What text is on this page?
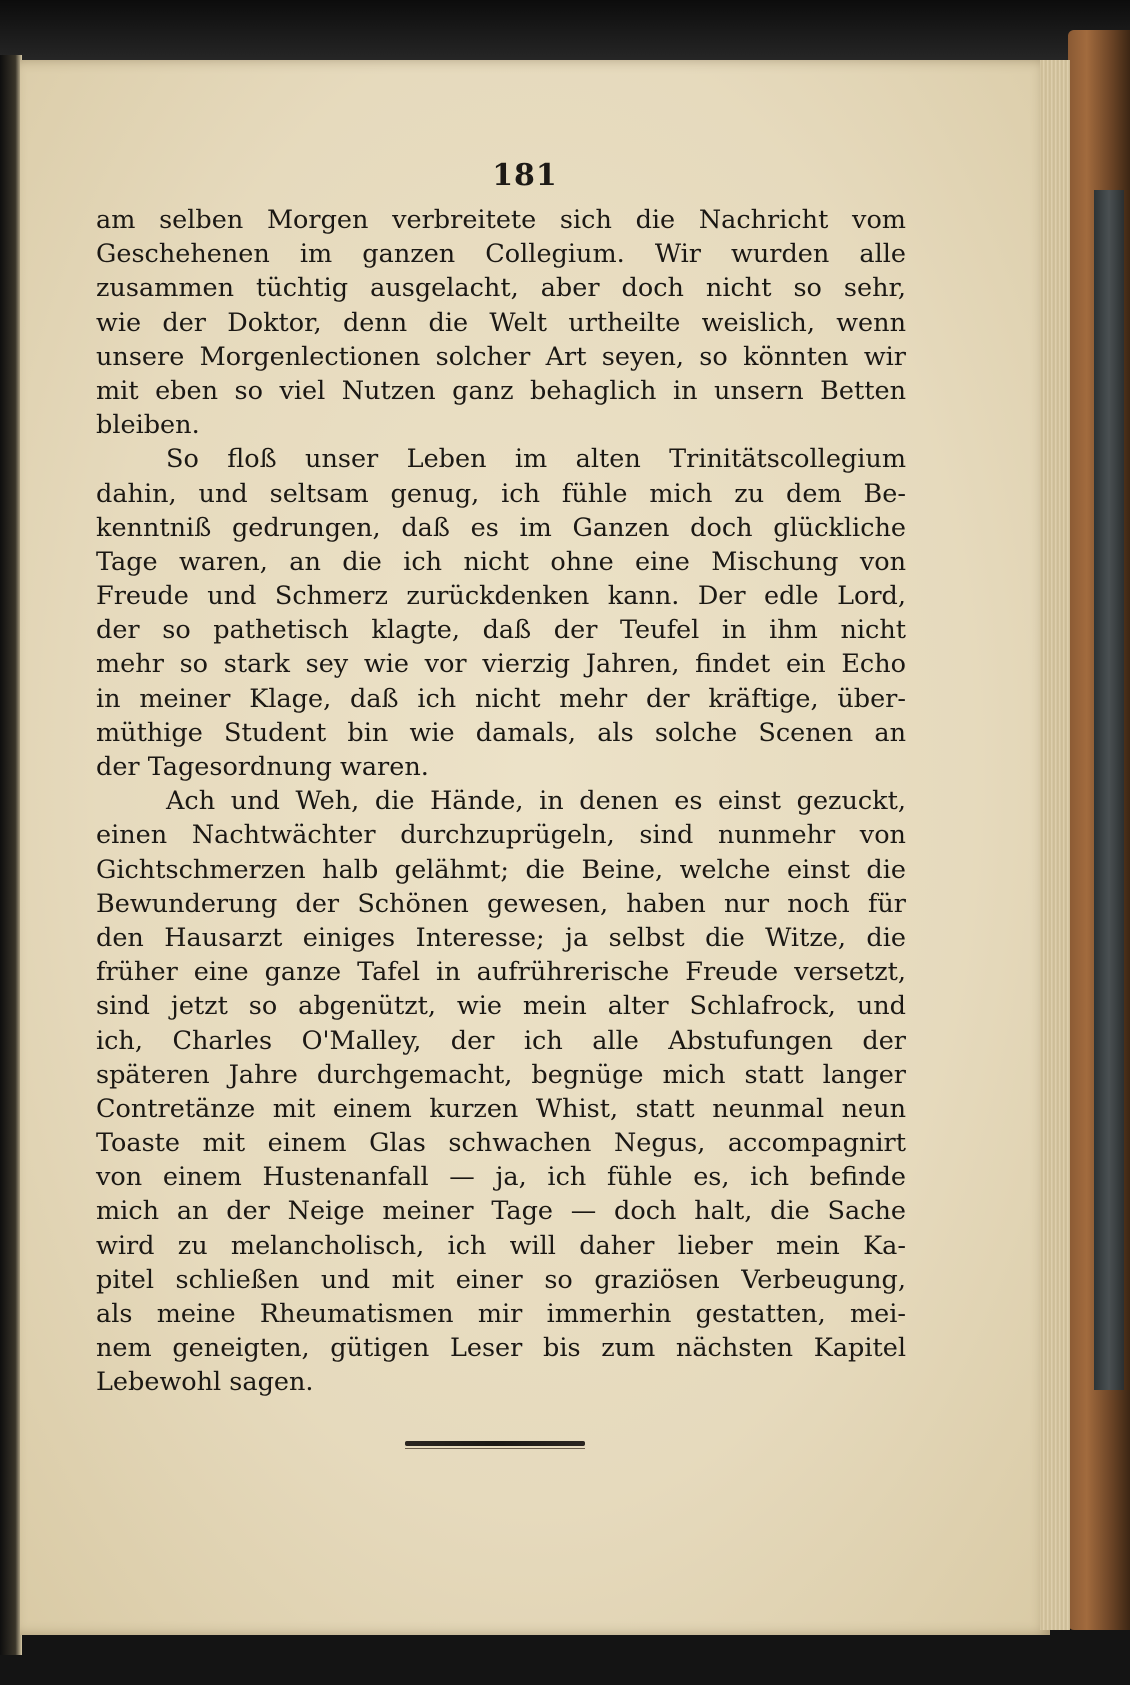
181
am selben Morgen verbreitete sich die Nachricht vom
Geschehenen im ganzen Collegium. Wir wurden alle
zusammen tüchtig ausgelacht, aber doch nicht so sehr,
wie der Doktor, denn die Welt urtheilte weislich, wenn
unsere Morgenlectionen solcher Art seyen, so könnten wir
mit eben so viel Nutzen ganz behaglich in unsern Betten
bleiben.
So floß unser Leben im alten Trinitätscollegium
dahin, und seltsam genug, ich fühle mich zu dem Be-
kenntniß gedrungen, daß es im Ganzen doch glückliche
Tage waren, an die ich nicht ohne eine Mischung von
Freude und Schmerz zurückdenken kann. Der edle Lord,
der so pathetisch klagte, daß der Teufel in ihm nicht
mehr so stark sey wie vor vierzig Jahren, findet ein Echo
in meiner Klage, daß ich nicht mehr der kräftige, über-
müthige Student bin wie damals, als solche Scenen an
der Tagesordnung waren.
Ach und Weh, die Hände, in denen es einst gezuckt,
einen Nachtwächter durchzuprügeln, sind nunmehr von
Gichtschmerzen halb gelähmt; die Beine, welche einst die
Bewunderung der Schönen gewesen, haben nur noch für
den Hausarzt einiges Interesse; ja selbst die Witze, die
früher eine ganze Tafel in aufrührerische Freude versetzt,
sind jetzt so abgenützt, wie mein alter Schlafrock, und
ich, Charles O'Malley, der ich alle Abstufungen der
späteren Jahre durchgemacht, begnüge mich statt langer
Contretänze mit einem kurzen Whist, statt neunmal neun
Toaste mit einem Glas schwachen Negus, accompagnirt
von einem Hustenanfall — ja, ich fühle es, ich befinde
mich an der Neige meiner Tage — doch halt, die Sache
wird zu melancholisch, ich will daher lieber mein Ka-
pitel schließen und mit einer so graziösen Verbeugung,
als meine Rheumatismen mir immerhin gestatten, mei-
nem geneigten, gütigen Leser bis zum nächsten Kapitel
Lebewohl sagen.
